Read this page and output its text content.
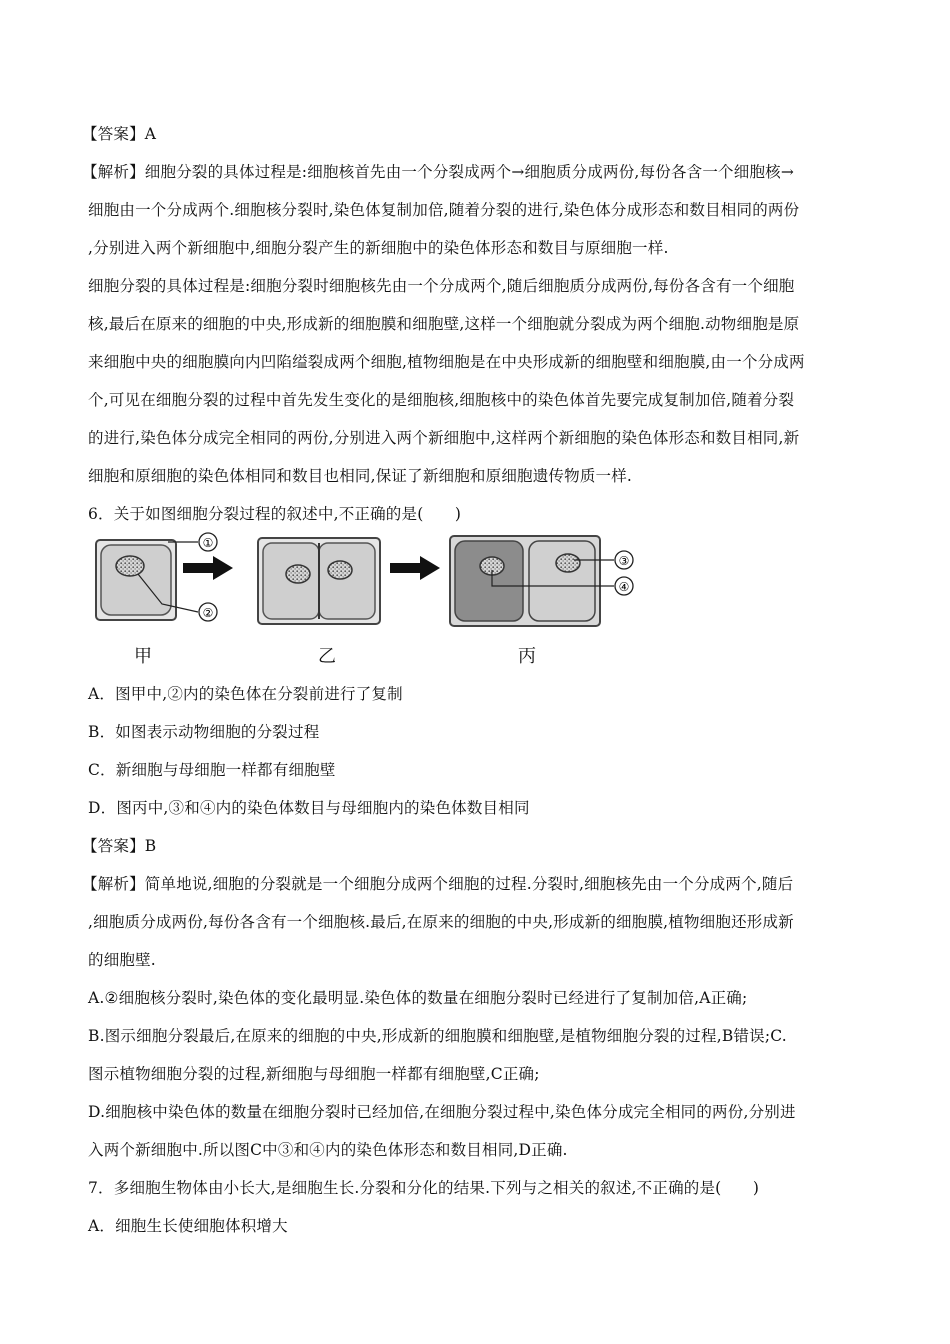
【答案】A
【解析】细胞分裂的具体过程是:细胞核首先由一个分裂成两个→细胞质分成两份,每份各含一个细胞核→
细胞由一个分成两个.细胞核分裂时,染色体复制加倍,随着分裂的进行,染色体分成形态和数目相同的两份
,分别进入两个新细胞中,细胞分裂产生的新细胞中的染色体形态和数目与原细胞一样.
细胞分裂的具体过程是:细胞分裂时细胞核先由一个分成两个,随后细胞质分成两份,每份各含有一个细胞
核,最后在原来的细胞的中央,形成新的细胞膜和细胞壁,这样一个细胞就分裂成为两个细胞.动物细胞是原
来细胞中央的细胞膜向内凹陷缢裂成两个细胞,植物细胞是在中央形成新的细胞壁和细胞膜,由一个分成两
个,可见在细胞分裂的过程中首先发生变化的是细胞核,细胞核中的染色体首先要完成复制加倍,随着分裂
的进行,染色体分成完全相同的两份,分别进入两个新细胞中,这样两个新细胞的染色体形态和数目相同,新
细胞和原细胞的染色体相同和数目也相同,保证了新细胞和原细胞遗传物质一样.
6．关于如图细胞分裂过程的叙述中,不正确的是(　　)
①
②
③
④
甲	乙	丙
A．图甲中,②内的染色体在分裂前进行了复制
B．如图表示动物细胞的分裂过程
C．新细胞与母细胞一样都有细胞壁
D．图丙中,③和④内的染色体数目与母细胞内的染色体数目相同
【答案】B
【解析】简单地说,细胞的分裂就是一个细胞分成两个细胞的过程.分裂时,细胞核先由一个分成两个,随后
,细胞质分成两份,每份各含有一个细胞核.最后,在原来的细胞的中央,形成新的细胞膜,植物细胞还形成新
的细胞壁.
A.②细胞核分裂时,染色体的变化最明显.染色体的数量在细胞分裂时已经进行了复制加倍,A正确;
B.图示细胞分裂最后,在原来的细胞的中央,形成新的细胞膜和细胞壁,是植物细胞分裂的过程,B错误;C.
图示植物细胞分裂的过程,新细胞与母细胞一样都有细胞壁,C正确;
D.细胞核中染色体的数量在细胞分裂时已经加倍,在细胞分裂过程中,染色体分成完全相同的两份,分别进
入两个新细胞中.所以图C中③和④内的染色体形态和数目相同,D正确.
7．多细胞生物体由小长大,是细胞生长.分裂和分化的结果.下列与之相关的叙述,不正确的是(　　)
A．细胞生长使细胞体积增大
